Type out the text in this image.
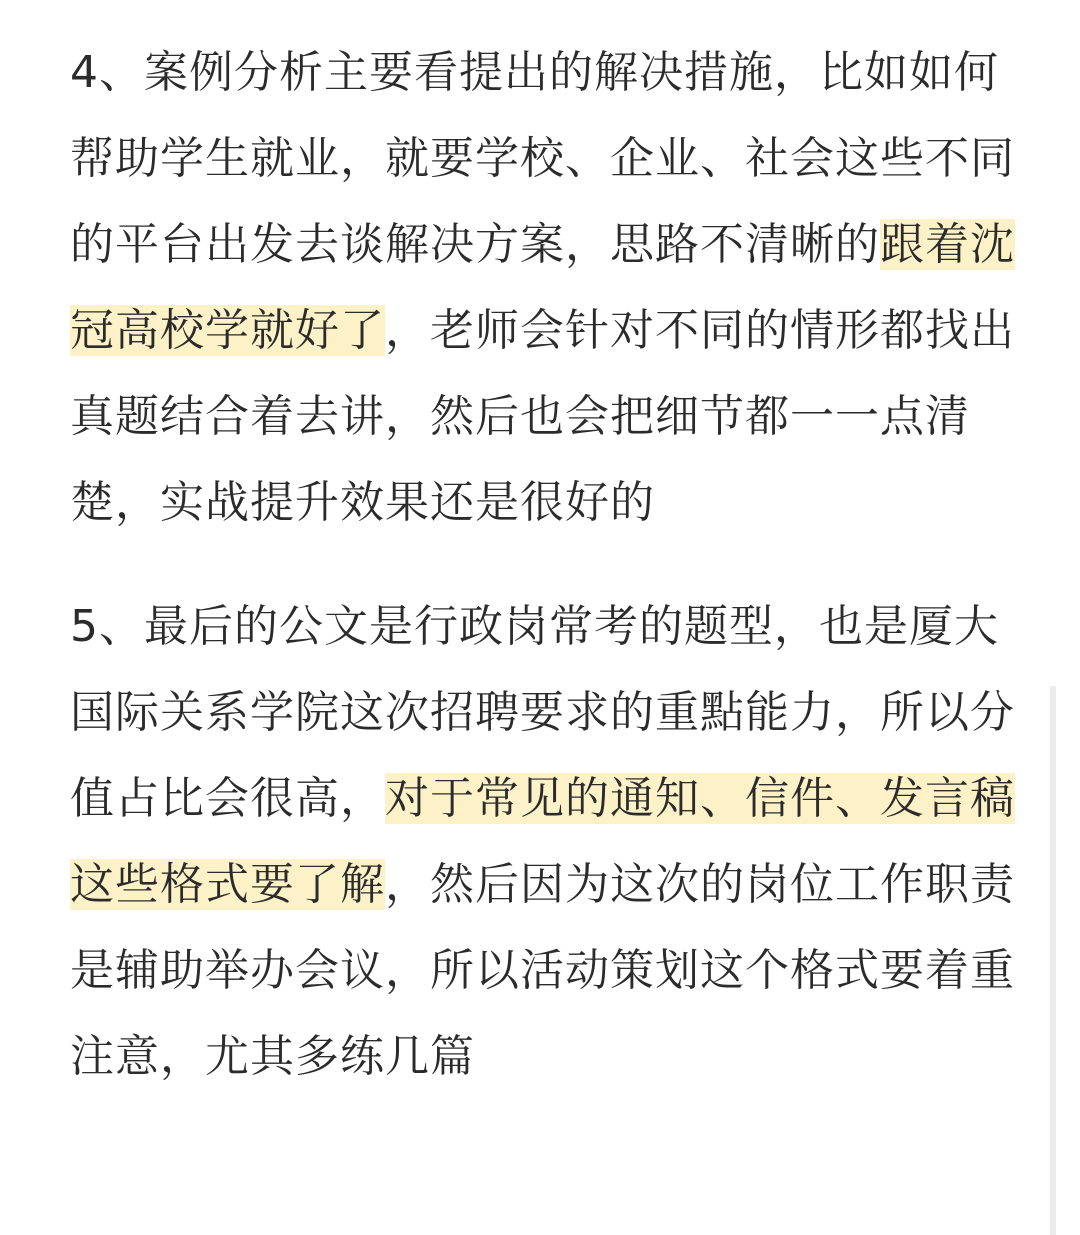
4、案例分析主要看提出的解决措施，比如如何帮助学生就业，就要学校、企业、社会这些不同的平台出发去谈解决方案，思路不清晰的跟着沈冠高校学就好了，老师会针对不同的情形都找出真题结合着去讲，然后也会把细节都一一点清楚，实战提升效果还是很好的

5、最后的公文是行政岗常考的题型，也是厦大国际关系学院这次招聘要求的重點能力，所以分值占比会很高，对于常见的通知、信件、发言稿这些格式要了解，然后因为这次的岗位工作职责是辅助举办会议，所以活动策划这个格式要着重注意，尤其多练几篇
